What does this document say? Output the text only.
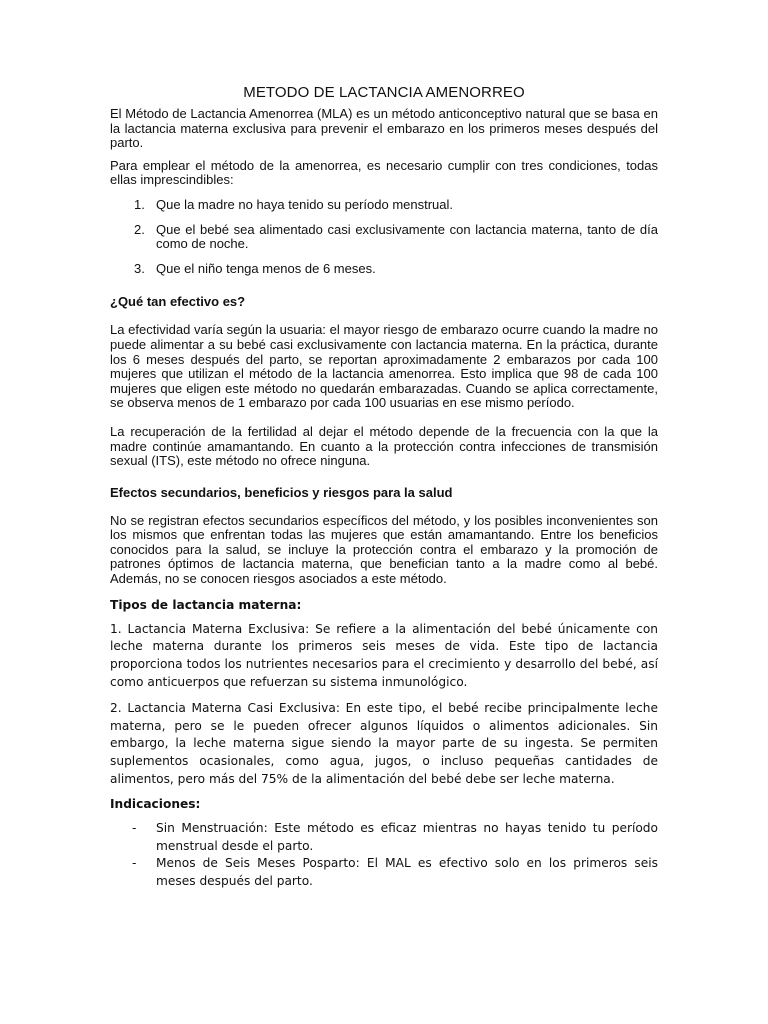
METODO DE LACTANCIA AMENORREO

El Método de Lactancia Amenorrea (MLA) es un método anticonceptivo natural que se basa en la lactancia materna exclusiva para prevenir el embarazo en los primeros meses después del parto.

Para emplear el método de la amenorrea, es necesario cumplir con tres condiciones, todas ellas imprescindibles:

1. Que la madre no haya tenido su período menstrual.
2. Que el bebé sea alimentado casi exclusivamente con lactancia materna, tanto de día como de noche.
3. Que el niño tenga menos de 6 meses.

¿Qué tan efectivo es?

La efectividad varía según la usuaria: el mayor riesgo de embarazo ocurre cuando la madre no puede alimentar a su bebé casi exclusivamente con lactancia materna. En la práctica, durante los 6 meses después del parto, se reportan aproximadamente 2 embarazos por cada 100 mujeres que utilizan el método de la lactancia amenorrea. Esto implica que 98 de cada 100 mujeres que eligen este método no quedarán embarazadas. Cuando se aplica correctamente, se observa menos de 1 embarazo por cada 100 usuarias en ese mismo período.

La recuperación de la fertilidad al dejar el método depende de la frecuencia con la que la madre continúe amamantando. En cuanto a la protección contra infecciones de transmisión sexual (ITS), este método no ofrece ninguna.

Efectos secundarios, beneficios y riesgos para la salud

No se registran efectos secundarios específicos del método, y los posibles inconvenientes son los mismos que enfrentan todas las mujeres que están amamantando. Entre los beneficios conocidos para la salud, se incluye la protección contra el embarazo y la promoción de patrones óptimos de lactancia materna, que benefician tanto a la madre como al bebé. Además, no se conocen riesgos asociados a este método.

Tipos de lactancia materna:

1. Lactancia Materna Exclusiva: Se refiere a la alimentación del bebé únicamente con leche materna durante los primeros seis meses de vida. Este tipo de lactancia proporciona todos los nutrientes necesarios para el crecimiento y desarrollo del bebé, así como anticuerpos que refuerzan su sistema inmunológico.

2. Lactancia Materna Casi Exclusiva: En este tipo, el bebé recibe principalmente leche materna, pero se le pueden ofrecer algunos líquidos o alimentos adicionales. Sin embargo, la leche materna sigue siendo la mayor parte de su ingesta. Se permiten suplementos ocasionales, como agua, jugos, o incluso pequeñas cantidades de alimentos, pero más del 75% de la alimentación del bebé debe ser leche materna.

Indicaciones:

-	Sin Menstruación: Este método es eficaz mientras no hayas tenido tu período menstrual desde el parto.
-	Menos de Seis Meses Posparto: El MAL es efectivo solo en los primeros seis meses después del parto.
